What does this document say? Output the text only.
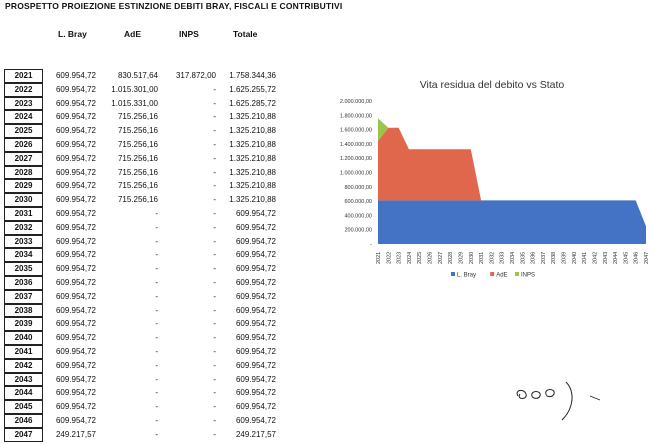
PROSPETTO PROIEZIONE ESTINZIONE DEBITI BRAY, FISCALI E CONTRIBUTIVI
L. Bray	AdE	INPS	Totale
2021	609.954,72	830.517,64	317.872,00	1.758.344,36
2022	609.954,72	1.015.301,00	-	1.625.255,72
2023	609.954,72	1.015.331,00	-	1.625.285,72
2024	609.954,72	715.256,16	-	1.325.210,88
2025	609.954,72	715.256,16	-	1.325.210,88
2026	609.954,72	715.256,16	-	1.325.210,88
2027	609.954,72	715.256,16	-	1.325.210,88
2028	609.954,72	715.256,16	-	1.325.210,88
2029	609.954,72	715.256,16	-	1.325.210,88
2030	609.954,72	715.256,16	-	1.325.210,88
2031	609.954,72	-	-	609.954,72
2032	609.954,72	-	-	609.954,72
2033	609.954,72	-	-	609.954,72
2034	609.954,72	-	-	609.954,72
2035	609.954,72	-	-	609.954,72
2036	609.954,72	-	-	609.954,72
2037	609.954,72	-	-	609.954,72
2038	609.954,72	-	-	609.954,72
2039	609.954,72	-	-	609.954,72
2040	609.954,72	-	-	609.954,72
2041	609.954,72	-	-	609.954,72
2042	609.954,72	-	-	609.954,72
2043	609.954,72	-	-	609.954,72
2044	609.954,72	-	-	609.954,72
2045	609.954,72	-	-	609.954,72
2046	609.954,72	-	-	609.954,72
2047	249.217,57	-	-	249.217,57
Vita residua del debito vs Stato
-
200.000,00
400.000,00
600.000,00
800.000,00
1.000.000,00
1.200.000,00
1.400.000,00
1.600.000,00
1.800.000,00
2.000.000,00
2021 2022 2023 2024 2025 2026 2027 2028 2029 2030 2031 2032 2033 2034 2035 2036 2037 2038 2039 2040 2041 2042 2043 2044 2045 2046 2047
L. Bray	AdE INPS
